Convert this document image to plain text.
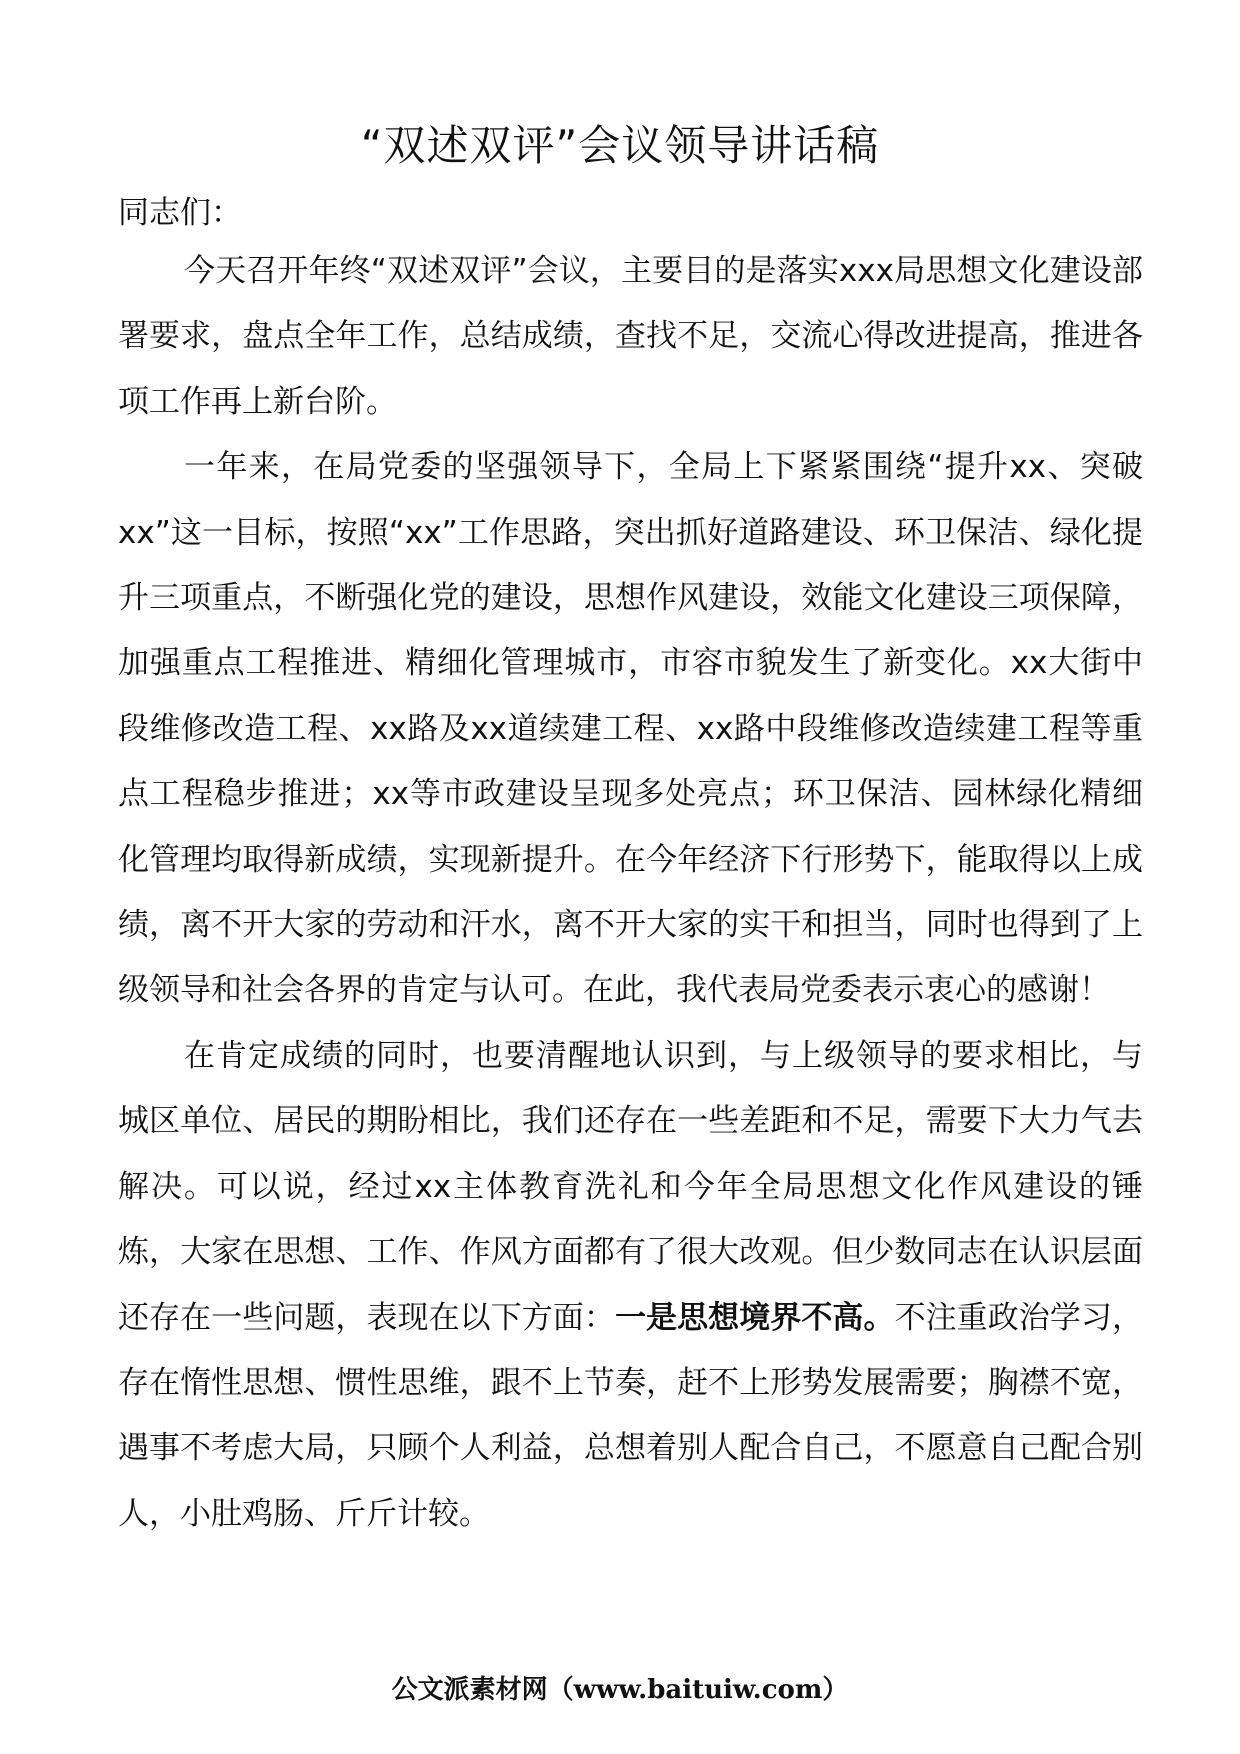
“双述双评”会议领导讲话稿
同志们：

今天召开年终“双述双评”会议，主要目的是落实xxx局思想文化建设部署要求，盘点全年工作，总结成绩，查找不足，交流心得改进提高，推进各项工作再上新台阶。

一年来，在局党委的坚强领导下，全局上下紧紧围绕“提升xx、突破xx”这一目标，按照“xx”工作思路，突出抓好道路建设、环卫保洁、绿化提升三项重点，不断强化党的建设，思想作风建设，效能文化建设三项保障，加强重点工程推进、精细化管理城市，市容市貌发生了新变化。xx大街中段维修改造工程、xx路及xx道续建工程、xx路中段维修改造续建工程等重点工程稳步推进；xx等市政建设呈现多处亮点；环卫保洁、园林绿化精细化管理均取得新成绩，实现新提升。在今年经济下行形势下，能取得以上成绩，离不开大家的劳动和汗水，离不开大家的实干和担当，同时也得到了上级领导和社会各界的肯定与认可。在此，我代表局党委表示衷心的感谢！

在肯定成绩的同时，也要清醒地认识到，与上级领导的要求相比，与城区单位、居民的期盼相比，我们还存在一些差距和不足，需要下大力气去解决。可以说，经过xx主体教育洗礼和今年全局思想文化作风建设的锤炼，大家在思想、工作、作风方面都有了很大改观。但少数同志在认识层面还存在一些问题，表现在以下方面：一是思想境界不高。不注重政治学习，存在惰性思想、惯性思维，跟不上节奏，赶不上形势发展需要；胸襟不宽，遇事不考虑大局，只顾个人利益，总想着别人配合自己，不愿意自己配合别人，小肚鸡肠、斤斤计较。

公文派素材网（www.baituiw.com）
